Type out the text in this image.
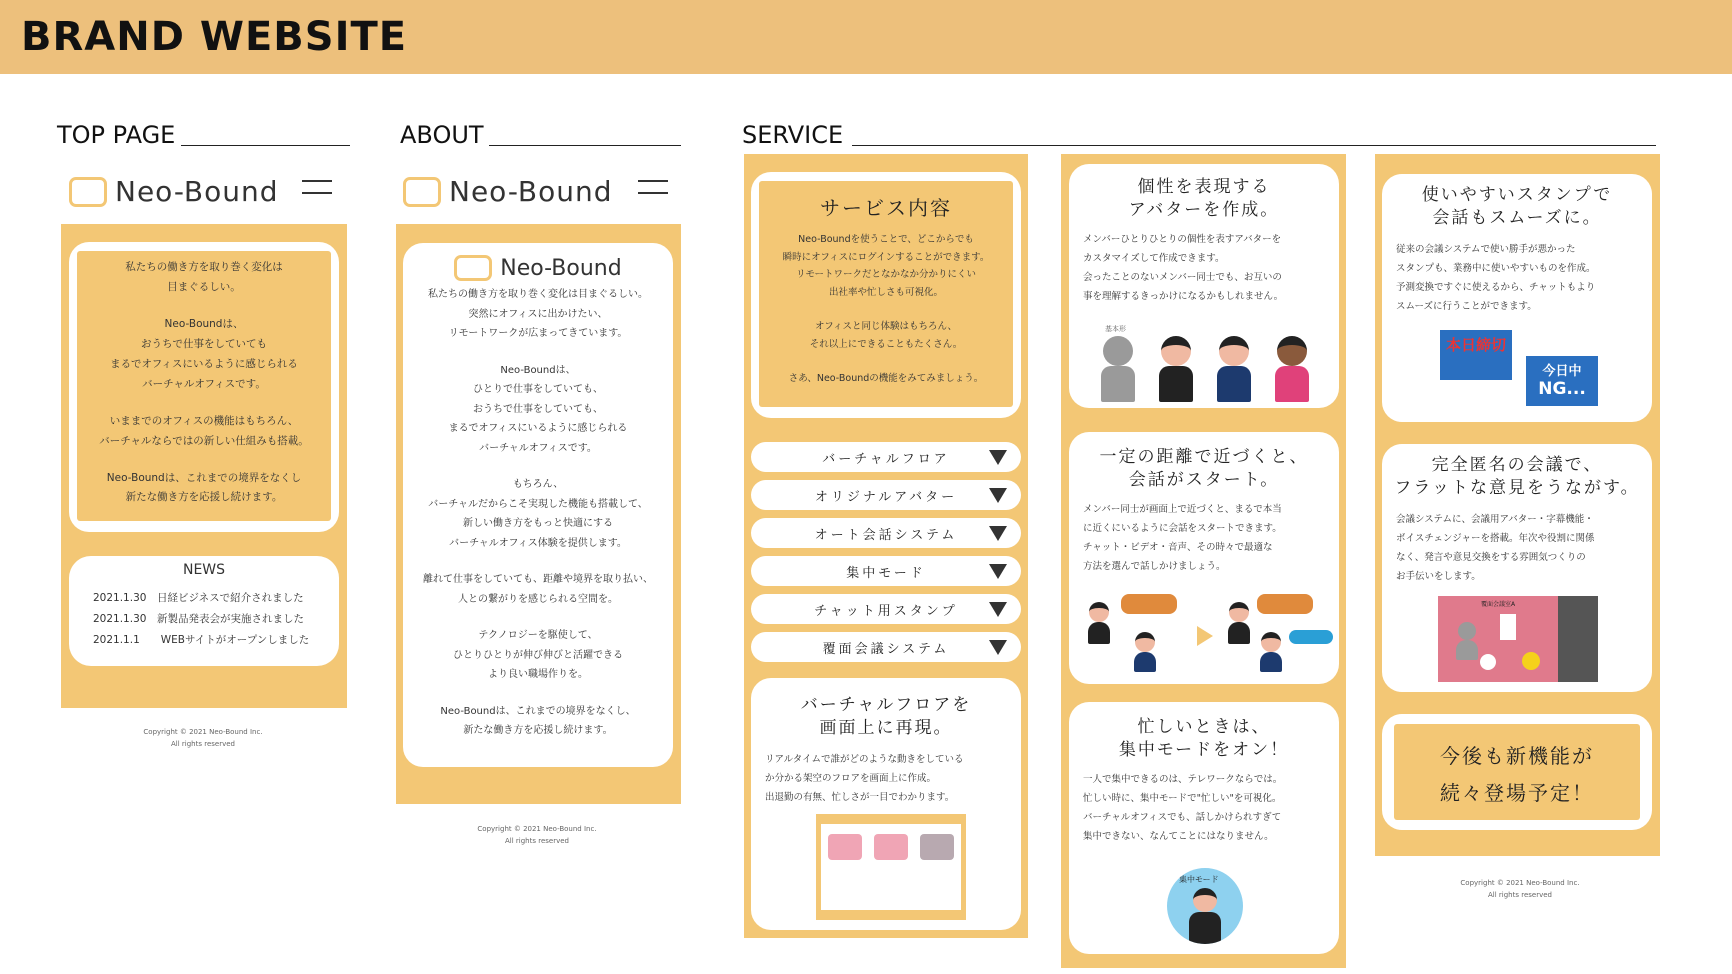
BRAND WEBSITE
TOP PAGE	ABOUT	SERVICE
Neo-Bound
私たちの働き方を取り巻く変化は
目まぐるしい。
Neo-Boundは、
おうちで仕事をしていても
まるでオフィスにいるように感じられる
バーチャルオフィスです。
いままでのオフィスの機能はもちろん、
バーチャルならではの新しい仕組みも搭載。
Neo-Boundは、これまでの境界をなくし
新たな働き方を応援し続けます。
NEWS
2021.1.30　日経ビジネスで紹介されました
2021.1.30　新製品発表会が実施されました
2021.1.1　　WEBサイトがオープンしました
Copyright © 2021 Neo-Bound Inc.
All rights reserved
Neo-Bound
Neo-Bound
私たちの働き方を取り巻く変化は目まぐるしい。
突然にオフィスに出かけたい、
リモートワークが広まってきています。
Neo-Boundは、
ひとりで仕事をしていても、
おうちで仕事をしていても、
まるでオフィスにいるように感じられる
バーチャルオフィスです。
もちろん、
バーチャルだからこそ実現した機能も搭載して、
新しい働き方をもっと快適にする
バーチャルオフィス体験を提供します。
離れて仕事をしていても、距離や境界を取り払い、
人との繋がりを感じられる空間を。
テクノロジーを駆使して、
ひとりひとりが伸び伸びと活躍できる
より良い職場作りを。
Neo-Boundは、これまでの境界をなくし、
新たな働き方を応援し続けます。
Copyright © 2021 Neo-Bound Inc.
All rights reserved
サービス内容
Neo-Boundを使うことで、どこからでも
瞬時にオフィスにログインすることができます。
リモートワークだとなかなか分かりにくい
出社率や忙しさも可視化。
オフィスと同じ体験はもちろん、
それ以上にできることもたくさん。
さあ、Neo-Boundの機能をみてみましょう。
バーチャルフロア
オリジナルアバター
オート会話システム
集中モード
チャット用スタンプ
覆面会議システム
バーチャルフロアを
画面上に再現。
リアルタイムで誰がどのような動きをしている
か分かる架空のフロアを画面上に作成。
出退勤の有無、忙しさが一目でわかります。
個性を表現する
アバターを作成。
メンバーひとりひとりの個性を表すアバターを
カスタマイズして作成できます。
会ったことのないメンバー同士でも、お互いの
事を理解するきっかけになるかもしれません。
基本形
一定の距離で近づくと、
会話がスタート。
メンバー同士が画面上で近づくと、まるで本当
に近くにいるように会話をスタートできます。
チャット・ビデオ・音声、その時々で最適な
方法を選んで話しかけましょう。
忙しいときは、
集中モードをオン！
一人で集中できるのは、テレワークならでは。
忙しい時に、集中モードで"忙しい"を可視化。
バーチャルオフィスでも、話しかけられすぎて
集中できない、なんてことにはなりません。
集中モード
使いやすいスタンプで
会話もスムーズに。
従来の会議システムで使い勝手が悪かった
スタンプも、業務中に使いやすいものを作成。
予測変換ですぐに使えるから、チャットもより
スムーズに行うことができます。
本日締切
今日中
NG...
完全匿名の会議で、
フラットな意見をうながす。
会議システムに、会議用アバター・字幕機能・
ボイスチェンジャーを搭載。年次や役割に関係
なく、発言や意見交換をする雰囲気つくりの
お手伝いをします。
覆面会議室A
今後も新機能が
続々登場予定！
Copyright © 2021 Neo-Bound Inc.
All rights reserved
